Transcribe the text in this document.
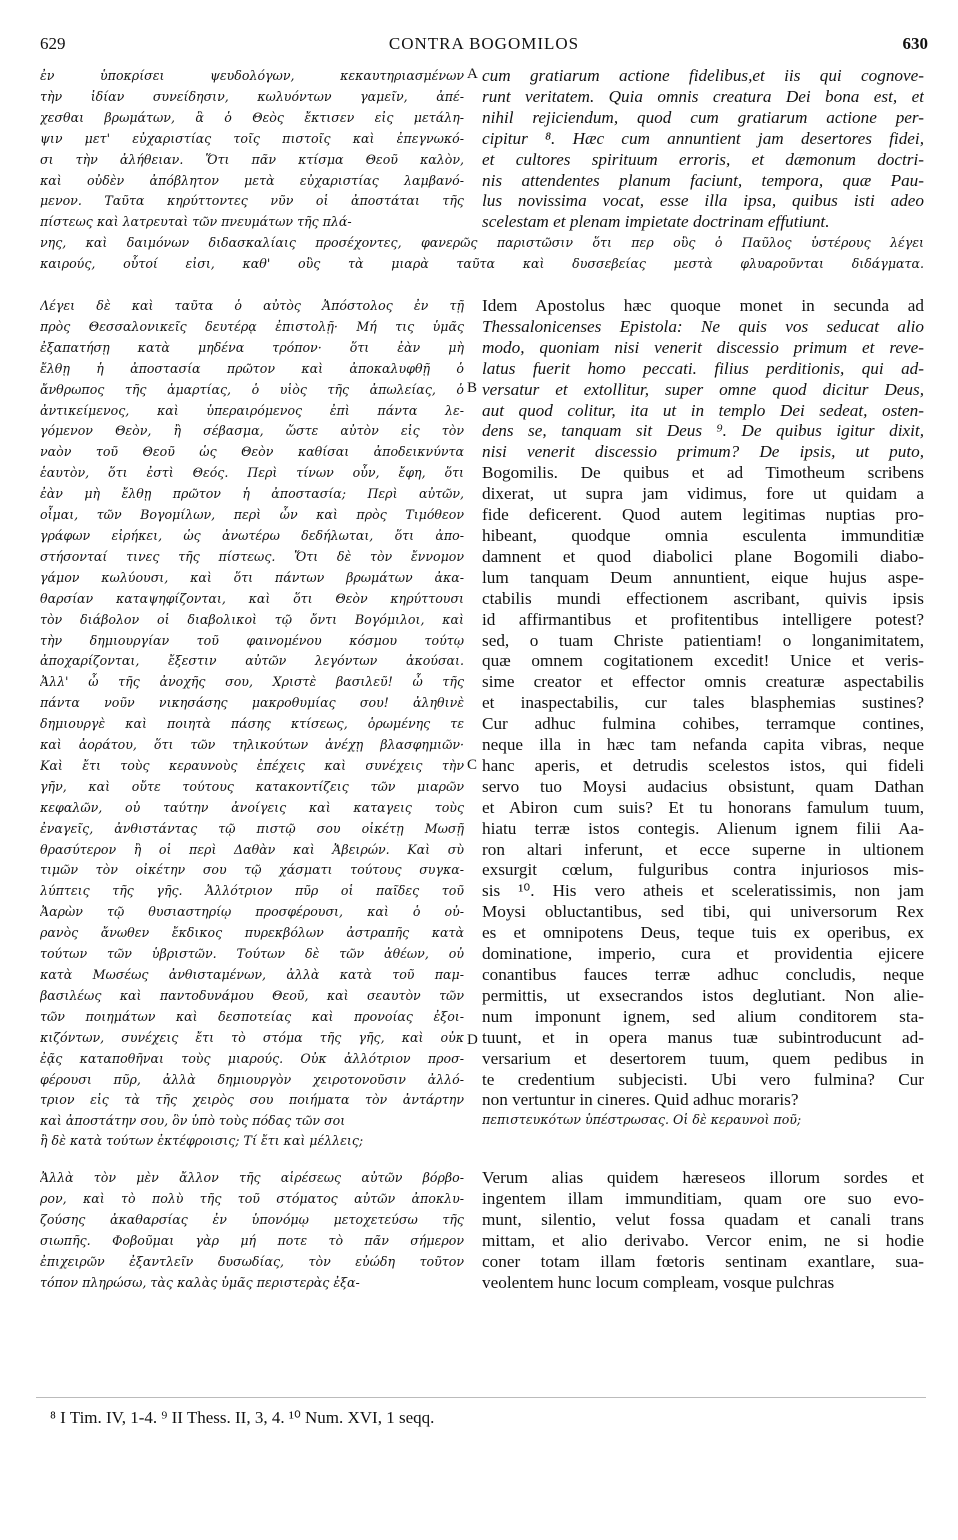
629	CONTRA BOGOMILOS	630
ἐν ὑποκρίσει ψευδολόγων, κεκαυτηριασμένων
τὴν ἰδίαν συνείδησιν, κωλυόντων γαμεῖν, ἀπέ-
χεσθαι βρωμάτων, ἃ ὁ Θεὸς ἔκτισεν εἰς μετάλη-
ψιν μετ' εὐχαριστίας τοῖς πιστοῖς καὶ ἐπεγνωκό-
σι τὴν ἀλήθειαν. Ὅτι πᾶν κτίσμα Θεοῦ καλὸν,
καὶ οὐδὲν ἀπόβλητον μετὰ εὐχαριστίας λαμβανό-
μενον. Ταῦτα κηρύττοντες νῦν οἱ ἀποστάται τῆς
πίστεως καὶ λατρευταὶ τῶν πνευμάτων τῆς πλά-
cum gratiarum actione fidelibus,et iis qui cognove-
runt veritatem. Quia omnis creatura Dei bona est, et
nihil rejiciendum, quod cum gratiarum actione per-
cipitur ⁸. Hæc cum annuntient jam desertores fidei,
et cultores spirituum erroris, et dæmonum doctri-
nis attendentes planum faciunt, tempora, quæ Pau-
lus novissima vocat, esse illa ipsa, quibus isti adeo
scelestam et plenam impietate doctrinam effutiunt.
νης, καὶ δαιμόνων διδασκαλίαις προσέχοντες, φανερῶς παριστῶσιν ὅτι περ οὓς ὁ Παῦλος ὑστέρους λέγει
καιρούς, οὗτοί εἰσι, καθ' οὓς τὰ μιαρὰ ταῦτα καὶ δυσσεβείας μεστὰ φλυαροῦνται διδάγματα.
Λέγει δὲ καὶ ταῦτα ὁ αὐτὸς Ἀπόστολος ἐν τῇ
πρὸς Θεσσαλονικεῖς δευτέρᾳ ἐπιστολῇ· Μή τις ὑμᾶς
ἐξαπατήσῃ κατὰ μηδένα τρόπον· ὅτι ἐὰν μὴ
ἔλθῃ ἡ ἀποστασία πρῶτον καὶ ἀποκαλυφθῇ ὁ
ἄνθρωπος τῆς ἁμαρτίας, ὁ υἱὸς τῆς ἀπωλείας, ὁ
ἀντικείμενος, καὶ ὑπεραιρόμενος ἐπὶ πάντα λε-
γόμενον Θεὸν, ἢ σέβασμα, ὥστε αὐτὸν εἰς τὸν
ναὸν τοῦ Θεοῦ ὡς Θεὸν καθίσαι ἀποδεικνύντα
ἑαυτὸν, ὅτι ἐστὶ Θεός. Περὶ τίνων οὖν, ἔφη, ὅτι
ἐὰν μὴ ἔλθῃ πρῶτον ἡ ἀποστασία; Περὶ αὐτῶν,
οἶμαι, τῶν Βογομίλων, περὶ ὧν καὶ πρὸς Τιμόθεον
γράφων εἰρήκει, ὡς ἀνωτέρω δεδήλωται, ὅτι ἀπο-
στήσονταί τινες τῆς πίστεως. Ὅτι δὲ τὸν ἔννομον
γάμον κωλύουσι, καὶ ὅτι πάντων βρωμάτων ἀκα-
θαρσίαν καταψηφίζονται, καὶ ὅτι Θεὸν κηρύττουσι
τὸν διάβολον οἱ διαβολικοὶ τῷ ὄντι Βογόμιλοι, καὶ
τὴν δημιουργίαν τοῦ φαινομένου κόσμου τούτῳ
ἀποχαρίζονται, ἔξεστιν αὐτῶν λεγόντων ἀκούσαι.
Ἀλλ' ὦ τῆς ἀνοχῆς σου, Χριστὲ βασιλεῦ! ὦ τῆς
πάντα νοῦν νικησάσης μακροθυμίας σου! ἀληθινὲ
δημιουργὲ καὶ ποιητὰ πάσης κτίσεως, ὁρωμένης τε
καὶ ἀοράτου, ὅτι τῶν τηλικούτων ἀνέχῃ βλασφημιῶν·
Καὶ ἔτι τοὺς κεραυνοὺς ἐπέχεις καὶ συνέχεις τὴν
γῆν, καὶ οὔτε τούτους κατακοντίζεις τῶν μιαρῶν
κεφαλῶν, οὐ ταύτην ἀνοίγεις καὶ καταγεις τοὺς
ἐναγεῖς, ἀνθιστάντας τῷ πιστῷ σου οἰκέτῃ Μωσῇ
θρασύτερον ἢ οἱ περὶ Δαθὰν καὶ Ἀβειρών. Καὶ σὺ
τιμῶν τὸν οἰκέτην σου τῷ χάσματι τούτους συγκα-
λύπτεις τῆς γῆς. Ἀλλότριον πῦρ οἱ παῖδες τοῦ
Ἀαρὼν τῷ θυσιαστηρίῳ προσφέρουσι, καὶ ὁ οὐ-
ρανὸς ἄνωθεν ἔκδικος πυρεκβόλων ἀστραπῆς κατὰ
τούτων τῶν ὑβριστῶν. Τούτων δὲ τῶν ἀθέων, οὐ
κατὰ Μωσέως ἀνθισταμένων, ἀλλὰ κατὰ τοῦ παμ-
βασιλέως καὶ παντοδυνάμου Θεοῦ, καὶ σεαυτὸν τῶν
τῶν ποιημάτων καὶ δεσποτείας καὶ προνοίας ἐξοι-
κιζόντων, συνέχεις ἔτι τὸ στόμα τῆς γῆς, καὶ οὐκ
ἐᾷς καταποθῆναι τοὺς μιαρούς. Οὐκ ἀλλότριον προσ-
φέρουσι πῦρ, ἀλλὰ δημιουργὸν χειροτονοῦσιν ἀλλό-
τριον εἰς τὰ τῆς χειρὸς σου ποιήματα τὸν ἀντάρτην
καὶ ἀποστάτην σου, ὃν ὑπὸ τοὺς πόδας τῶν σοι
Idem Apostolus hæc quoque monet in secunda ad
Thessalonicenses Epistola: Ne quis vos seducat alio
modo, quoniam nisi venerit discessio primum et reve-
latus fuerit homo peccati. filius perditionis, qui ad-
versatur et extollitur, super omne quod dicitur Deus,
aut quod colitur, ita ut in templo Dei sedeat, osten-
dens se, tanquam sit Deus ⁹. De quibus igitur dixit,
nisi venerit discessio primum? De ipsis, ut puto,
Bogomilis. De quibus et ad Timotheum scribens
dixerat, ut supra jam vidimus, fore ut quidam a
fide deficerent. Quod autem legitimas nuptias pro-
hibeant, quodque omnia esculenta immunditiæ
damnent et quod diabolici plane Bogomili diabo-
lum tanquam Deum annuntient, eique hujus aspe-
ctabilis mundi effectionem ascribant, quivis ipsis
id affirmantibus et profitentibus intelligere potest?
sed, o tuam Christe patientiam! o longanimitatem,
quæ omnem cogitationem excedit! Unice et veris-
sime creator et effector omnis creaturæ aspectabilis
et inaspectabilis, cur tales blasphemias sustines?
Cur adhuc fulmina cohibes, terramque contines,
neque illa in hæc tam nefanda capita vibras, neque
hanc aperis, et detrudis scelestos istos, qui fideli
servo tuo Moysi audacius obsistunt, quam Dathan
et Abiron cum suis? Et tu honorans famulum tuum,
hiatu terræ istos contegis. Alienum ignem filii Aa-
ron altari inferunt, et ecce superne in ultionem
exsurgit cœlum, fulguribus contra injuriosos mis-
sis ¹⁰. His vero atheis et sceleratissimis, non jam
Moysi obluctantibus, sed tibi, qui universorum Rex
es et omnipotens Deus, teque tuis ex operibus, ex
dominatione, imperio, cura et providentia ejicere
conantibus fauces terræ adhuc concludis, neque
permittis, ut exsecrandos istos deglutiant. Non alie-
num imponunt ignem, sed alium conditorem sta-
tuunt, et in opera manus tuæ subintroducunt ad-
versarium et desertorem tuum, quem pedibus in
te credentium subjecisti. Ubi vero fulmina? Cur
non vertuntur in cineres. Quid adhuc moraris?
πεπιστευκότων ὑπέστρωσας. Οἱ δὲ κεραυνοὶ ποῦ;
ἢ δὲ κατὰ τούτων ἐκτέφροισις; Τί ἔτι καὶ μέλλεις;
Ἀλλὰ τὸν μὲν ἄλλον τῆς αἱρέσεως αὐτῶν βόρβο-
ρον, καὶ τὸ πολὺ τῆς τοῦ στόματος αὐτῶν ἀποκλυ-
ζούσης ἀκαθαρσίας ἐν ὑπονόμῳ μετοχετεύσω τῆς
σιωπῆς. Φοβοῦμαι γὰρ μή ποτε τὸ πᾶν σήμερον
ἐπιχειρῶν ἐξαντλεῖν δυσωδίας, τὸν εὐώδη τοῦτον
τόπον πληρώσω, τὰς καλὰς ὑμᾶς περιστερὰς ἐξα-
Verum alias quidem hæreseos illorum sordes et
ingentem illam immunditiam, quam ore suo evo-
munt, silentio, velut fossa quadam et canali trans
mittam, et alio derivabo. Vercor enim, ne si hodie
coner totam illam fœtoris sentinam exantlare, sua-
veolentem hunc locum compleam, vosque pulchras
A
B
C
D
⁸ I Tim. IV, 1-4. ⁹ II Thess. II, 3, 4. ¹⁰ Num. XVI, 1 seqq.
